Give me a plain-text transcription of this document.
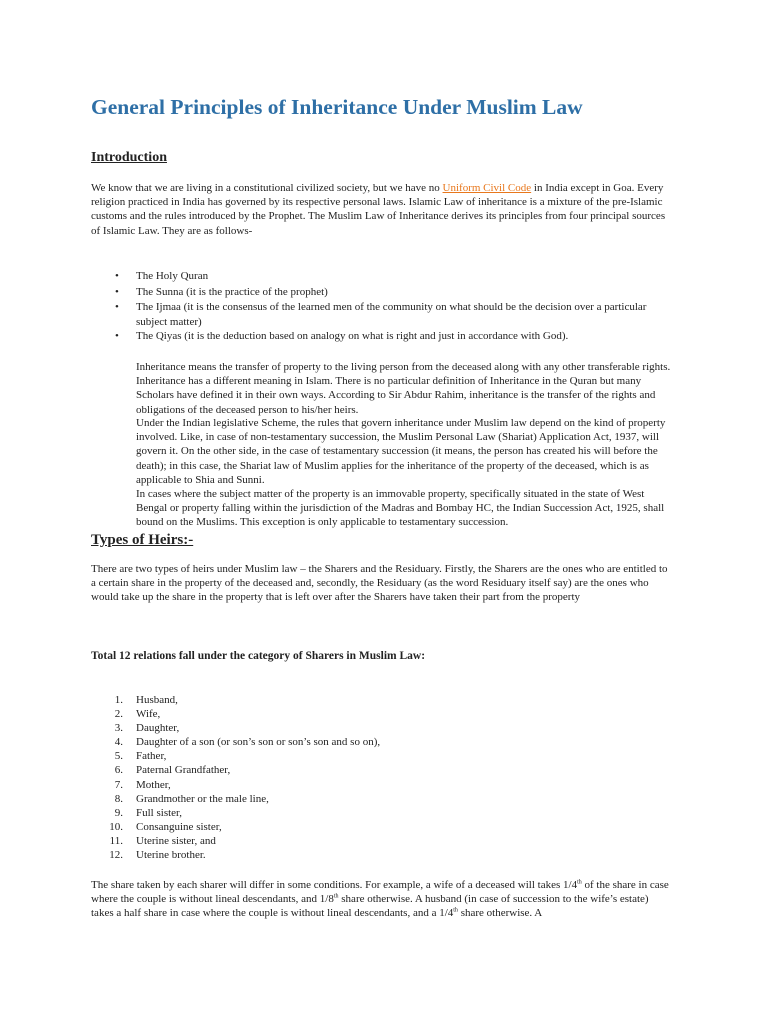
General Principles of Inheritance Under Muslim Law
Introduction

We know that we are living in a constitutional civilized society, but we have no Uniform Civil Code in India except in Goa. Every religion practiced in India has governed by its respective personal laws. Islamic Law of inheritance is a mixture of the pre-Islamic customs and the rules introduced by the Prophet. The Muslim Law of Inheritance derives its principles from four principal sources of Islamic Law. They are as follows-

• The Holy Quran
• The Sunna (it is the practice of the prophet)
• The Ijmaa (it is the consensus of the learned men of the community on what should be the decision over a particular subject matter)
• The Qiyas (it is the deduction based on analogy on what is right and just in accordance with God).

Inheritance means the transfer of property to the living person from the deceased along with any other transferable rights. Inheritance has a different meaning in Islam. There is no particular definition of Inheritance in the Quran but many Scholars have defined it in their own ways. According to Sir Abdur Rahim, inheritance is the transfer of the rights and obligations of the deceased person to his/her heirs.

Under the Indian legislative Scheme, the rules that govern inheritance under Muslim law depend on the kind of property involved. Like, in case of non-testamentary succession, the Muslim Personal Law (Shariat) Application Act, 1937, will govern it. On the other side, in the case of testamentary succession (it means, the person has created his will before the death); in this case, the Shariat law of Muslim applies for the inheritance of the property of the deceased, which is as applicable to Shia and Sunni.

In cases where the subject matter of the property is an immovable property, specifically situated in the state of West Bengal or property falling within the jurisdiction of the Madras and Bombay HC, the Indian Succession Act, 1925, shall bound on the Muslims. This exception is only applicable to testamentary succession.

Types of Heirs:-

There are two types of heirs under Muslim law – the Sharers and the Residuary. Firstly, the Sharers are the ones who are entitled to a certain share in the property of the deceased and, secondly, the Residuary (as the word Residuary itself say) are the ones who would take up the share in the property that is left over after the Sharers have taken their part from the property

Total 12 relations fall under the category of Sharers in Muslim Law:

1. Husband,
2. Wife,
3. Daughter,
4. Daughter of a son (or son’s son or son’s son and so on),
5. Father,
6. Paternal Grandfather,
7. Mother,
8. Grandmother or the male line,
9. Full sister,
10. Consanguine sister,
11. Uterine sister, and
12. Uterine brother.

The share taken by each sharer will differ in some conditions. For example, a wife of a deceased will takes 1/4th of the share in case where the couple is without lineal descendants, and 1/8th share otherwise. A husband (in case of succession to the wife’s estate) takes a half share in case where the couple is without lineal descendants, and a 1/4th share otherwise. A
